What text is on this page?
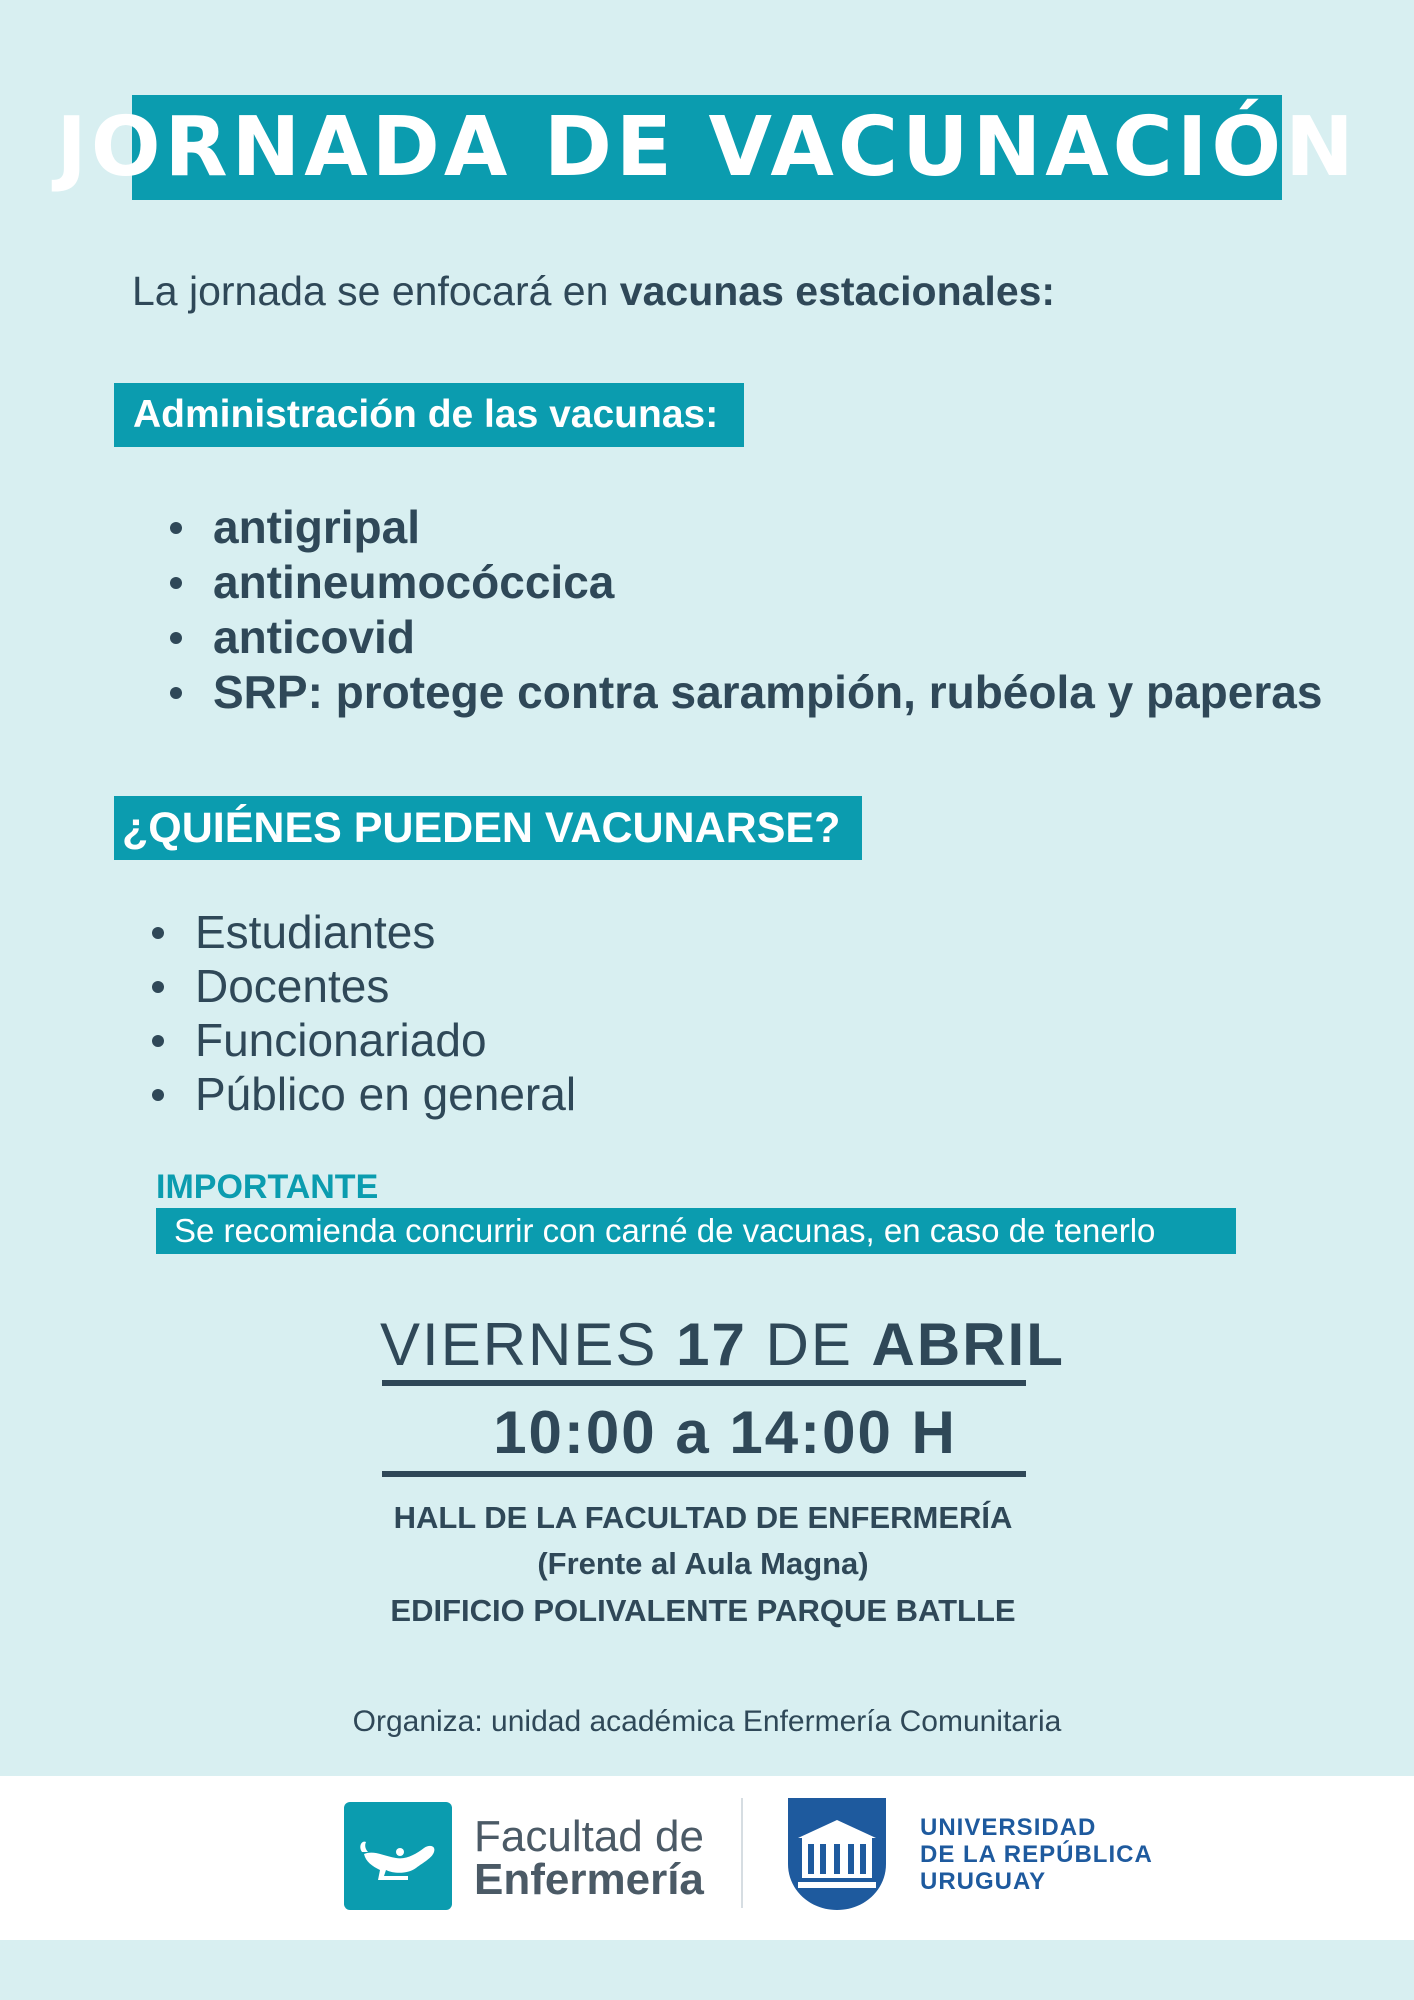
JORNADA DE VACUNACIÓN
La jornada se enfocará en vacunas estacionales:
Administración de las vacunas:
antigripal
antineumocóccica
anticovid
SRP: protege contra sarampión, rubéola y paperas
¿QUIÉNES PUEDEN VACUNARSE?
Estudiantes
Docentes
Funcionariado
Público en general
IMPORTANTE
Se recomienda concurrir con carné de vacunas, en caso de tenerlo
VIERNES 17 DE ABRIL
10:00 a 14:00 H
HALL DE LA FACULTAD DE ENFERMERÍA
(Frente al Aula Magna)
EDIFICIO POLIVALENTE PARQUE BATLLE
Organiza: unidad académica Enfermería Comunitaria
Facultad de
Enfermería
UNIVERSIDAD
DE LA REPÚBLICA
URUGUAY
